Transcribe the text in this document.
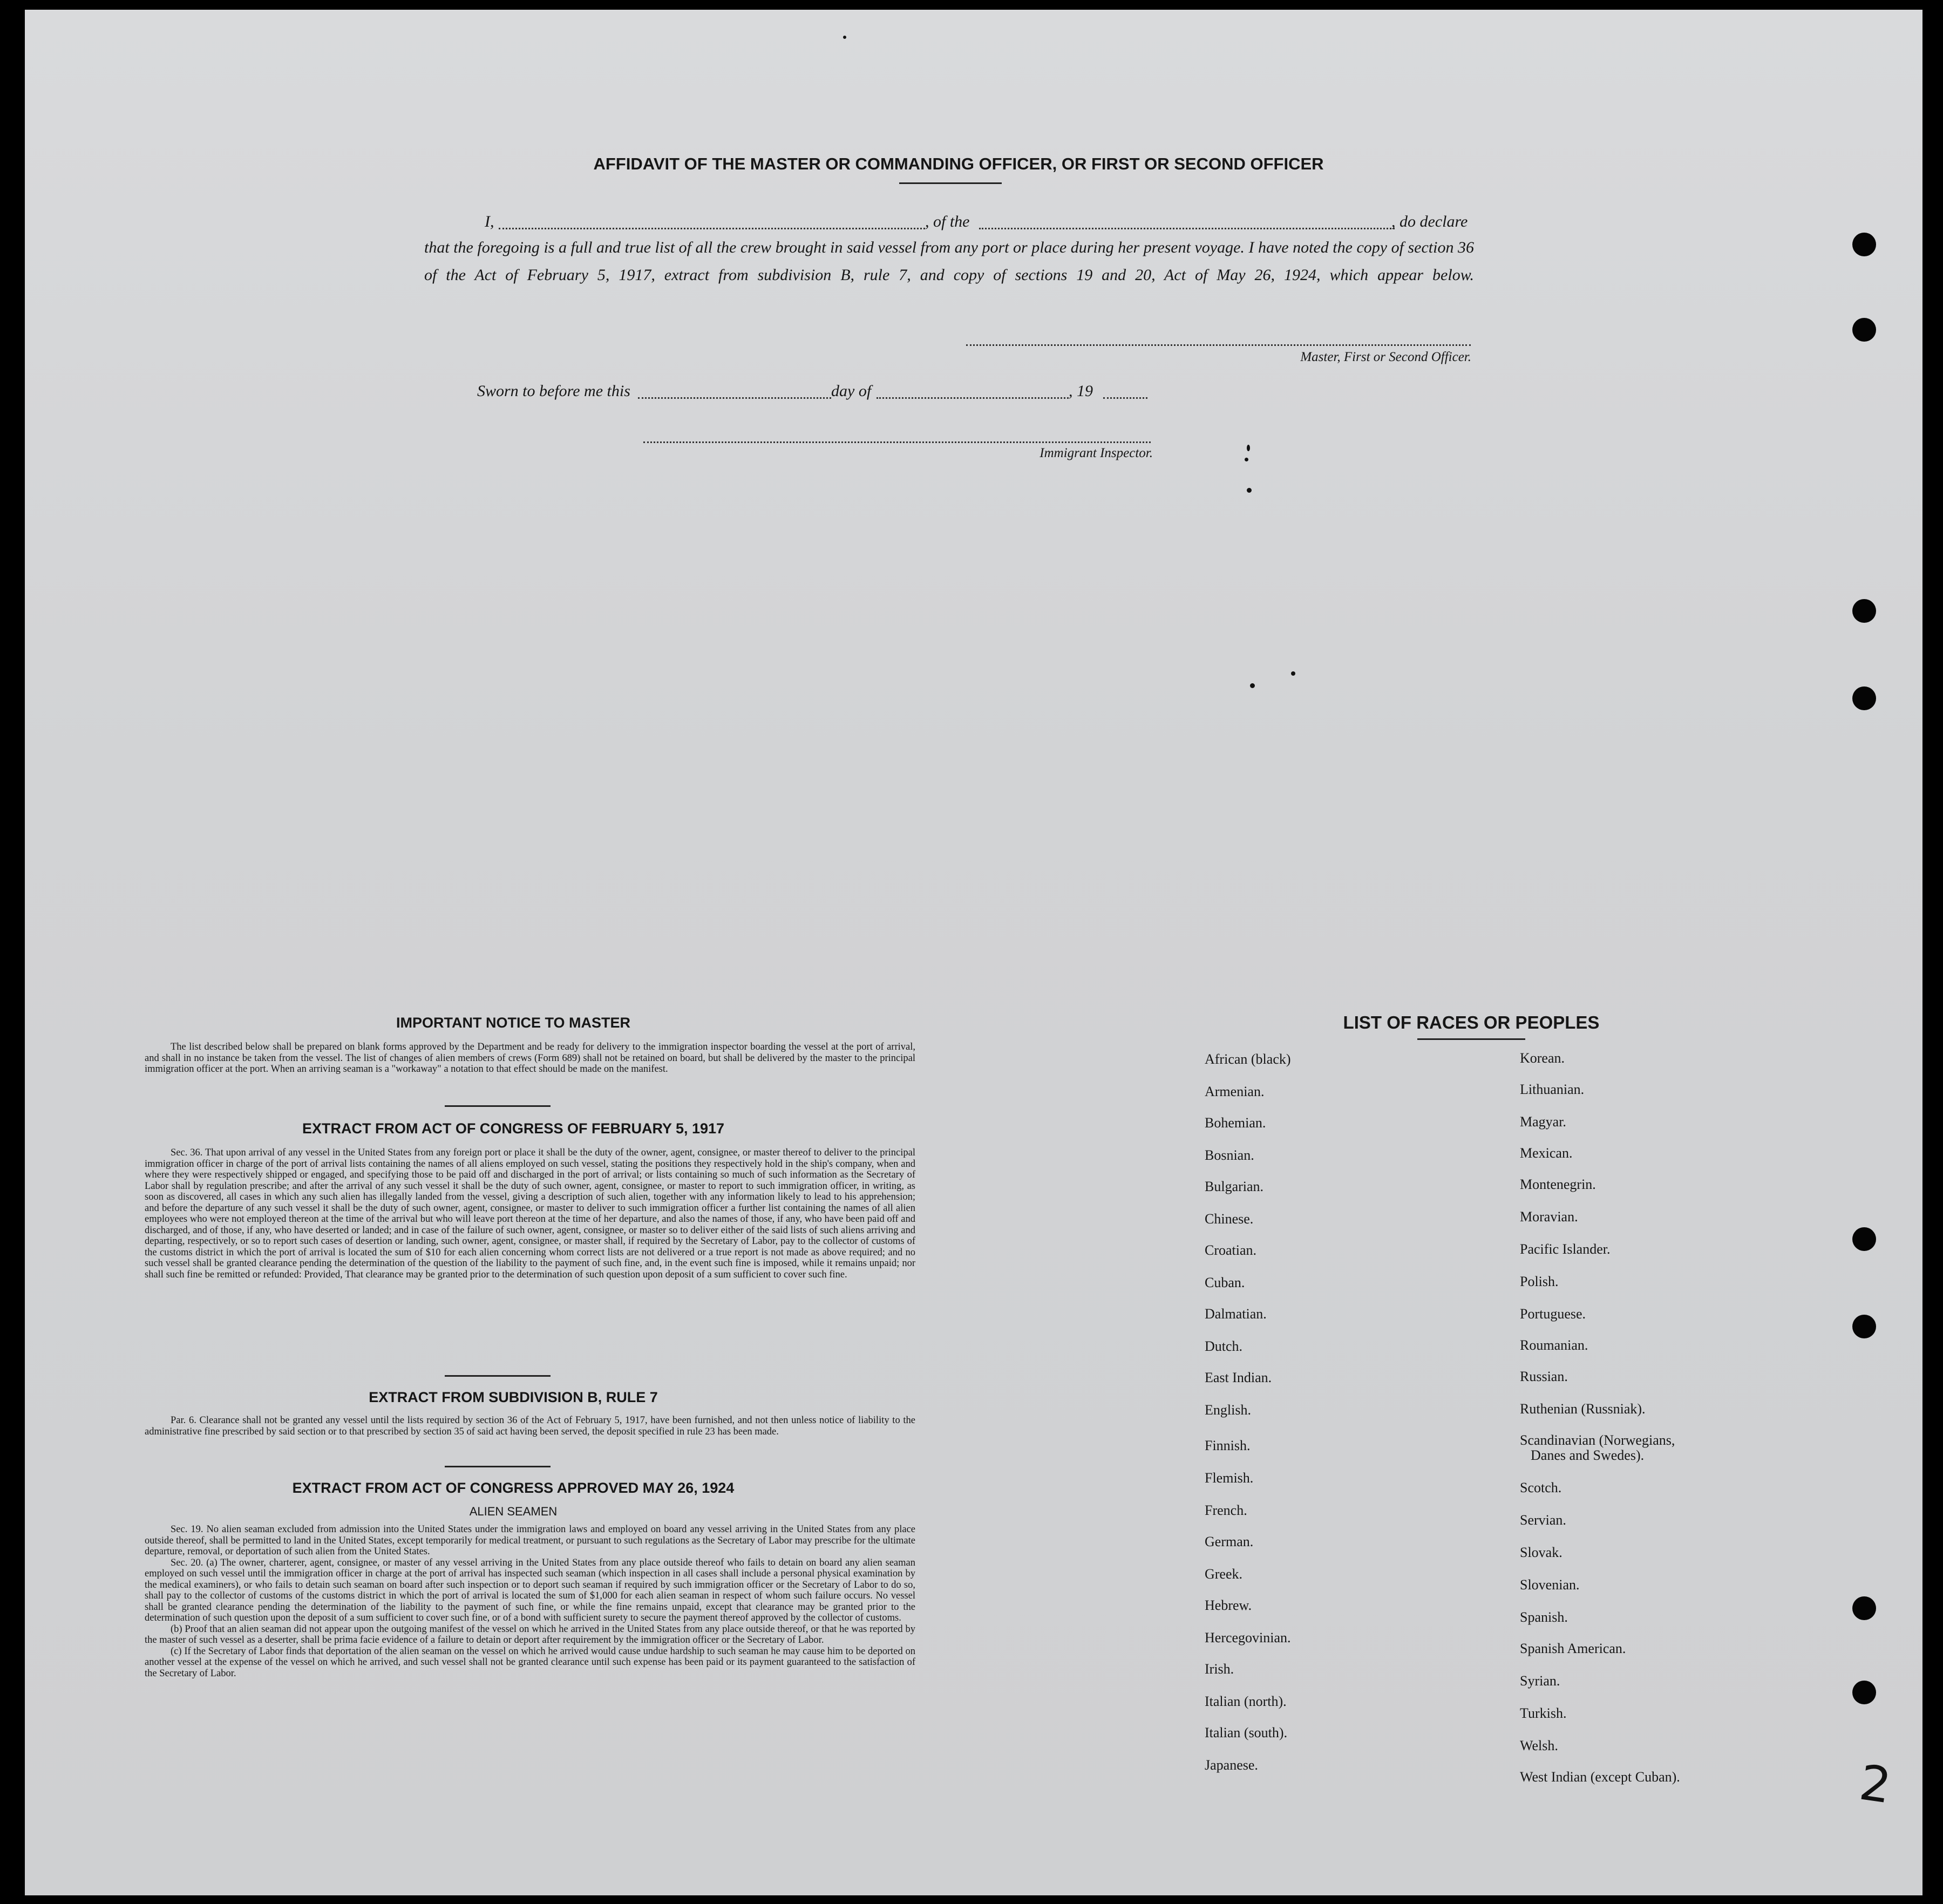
AFFIDAVIT OF THE MASTER OR COMMANDING OFFICER, OR FIRST OR SECOND OFFICER
I,	, of the	, do declare
that the foregoing is a full and true list of all the crew brought in said vessel from any port or place during her present voyage. I have noted the copy of section 36 of the Act of February 5, 1917, extract from subdivision B, rule 7, and copy of sections 19 and 20, Act of May 26, 1924, which appear below.
Master, First or Second Officer.
Sworn to before me this	day of	, 19
Immigrant Inspector.
IMPORTANT NOTICE TO MASTER
The list described below shall be prepared on blank forms approved by the Department and be ready for delivery to the immigration inspector boarding the vessel at the port of arrival, and shall in no instance be taken from the vessel. The list of changes of alien members of crews (Form 689) shall not be retained on board, but shall be delivered by the master to the principal immigration officer at the port. When an arriving seaman is a "workaway" a notation to that effect should be made on the manifest.
EXTRACT FROM ACT OF CONGRESS OF FEBRUARY 5, 1917
Sec. 36. That upon arrival of any vessel in the United States from any foreign port or place it shall be the duty of the owner, agent, consignee, or master thereof to deliver to the principal immigration officer in charge of the port of arrival lists containing the names of all aliens employed on such vessel, stating the positions they respectively hold in the ship's company, when and where they were respectively shipped or engaged, and specifying those to be paid off and discharged in the port of arrival; or lists containing so much of such information as the Secretary of Labor shall by regulation prescribe; and after the arrival of any such vessel it shall be the duty of such owner, agent, consignee, or master to report to such immigration officer, in writing, as soon as discovered, all cases in which any such alien has illegally landed from the vessel, giving a description of such alien, together with any information likely to lead to his apprehension; and before the departure of any such vessel it shall be the duty of such owner, agent, consignee, or master to deliver to such immigration officer a further list containing the names of all alien employees who were not employed thereon at the time of the arrival but who will leave port thereon at the time of her departure, and also the names of those, if any, who have been paid off and discharged, and of those, if any, who have deserted or landed; and in case of the failure of such owner, agent, consignee, or master so to deliver either of the said lists of such aliens arriving and departing, respectively, or so to report such cases of desertion or landing, such owner, agent, consignee, or master shall, if required by the Secretary of Labor, pay to the collector of customs of the customs district in which the port of arrival is located the sum of $10 for each alien concerning whom correct lists are not delivered or a true report is not made as above required; and no such vessel shall be granted clearance pending the determination of the question of the liability to the payment of such fine, and, in the event such fine is imposed, while it remains unpaid; nor shall such fine be remitted or refunded: Provided, That clearance may be granted prior to the determination of such question upon deposit of a sum sufficient to cover such fine.
EXTRACT FROM SUBDIVISION B, RULE 7
Par. 6. Clearance shall not be granted any vessel until the lists required by section 36 of the Act of February 5, 1917, have been furnished, and not then unless notice of liability to the administrative fine prescribed by said section or to that prescribed by section 35 of said act having been served, the deposit specified in rule 23 has been made.
EXTRACT FROM ACT OF CONGRESS APPROVED MAY 26, 1924
ALIEN SEAMEN

Sec. 19. No alien seaman excluded from admission into the United States under the immigration laws and employed on board any vessel arriving in the United States from any place outside thereof, shall be permitted to land in the United States, except temporarily for medical treatment, or pursuant to such regulations as the Secretary of Labor may prescribe for the ultimate departure, removal, or deportation of such alien from the United States.

Sec. 20. (a) The owner, charterer, agent, consignee, or master of any vessel arriving in the United States from any place outside thereof who fails to detain on board any alien seaman employed on such vessel until the immigration officer in charge at the port of arrival has inspected such seaman (which inspection in all cases shall include a personal physical examination by the medical examiners), or who fails to detain such seaman on board after such inspection or to deport such seaman if required by such immigration officer or the Secretary of Labor to do so, shall pay to the collector of customs of the customs district in which the port of arrival is located the sum of $1,000 for each alien seaman in respect of whom such failure occurs. No vessel shall be granted clearance pending the determination of the liability to the payment of such fine, or while the fine remains unpaid, except that clearance may be granted prior to the determination of such question upon the deposit of a sum sufficient to cover such fine, or of a bond with sufficient surety to secure the payment thereof approved by the collector of customs.

(b) Proof that an alien seaman did not appear upon the outgoing manifest of the vessel on which he arrived in the United States from any place outside thereof, or that he was reported by the master of such vessel as a deserter, shall be prima facie evidence of a failure to detain or deport after requirement by the immigration officer or the Secretary of Labor.

(c) If the Secretary of Labor finds that deportation of the alien seaman on the vessel on which he arrived would cause undue hardship to such seaman he may cause him to be deported on another vessel at the expense of the vessel on which he arrived, and such vessel shall not be granted clearance until such expense has been paid or its payment guaranteed to the satisfaction of the Secretary of Labor.

LIST OF RACES OR PEOPLES
2
African (black)
Armenian.
Bohemian.
Bosnian.
Bulgarian.
Chinese.
Croatian.
Cuban.
Dalmatian.
Dutch.
East Indian.
English.
Finnish.
Flemish.
French.
German.
Greek.
Hebrew.
Hercegovinian.
Irish.
Italian (north).
Italian (south).
Japanese.
Korean.
Lithuanian.
Magyar.
Mexican.
Montenegrin.
Moravian.
Pacific Islander.
Polish.
Portuguese.
Roumanian.
Russian.
Ruthenian (Russniak).
Scandinavian (Norwegians,
Danes and Swedes).
Scotch.
Servian.
Slovak.
Slovenian.
Spanish.
Spanish American.
Syrian.
Turkish.
Welsh.
West Indian (except Cuban).
